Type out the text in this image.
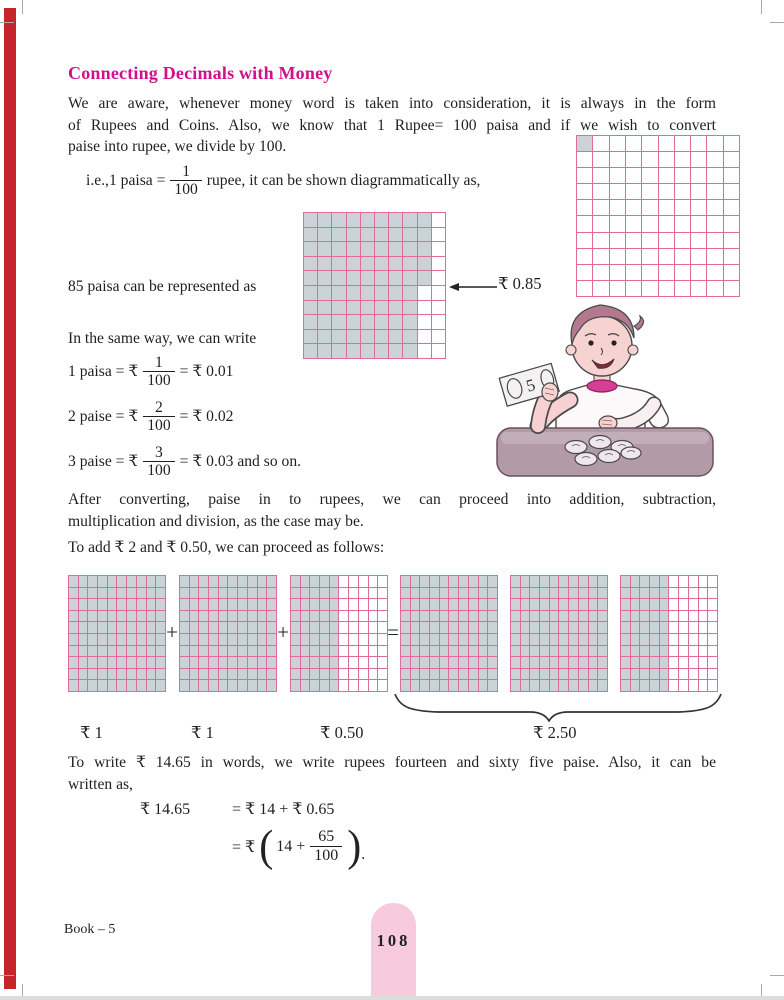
Connecting Decimals with Money
We are aware, whenever money word is taken into consideration, it is always in the form
of Rupees and Coins. Also, we know that 1 Rupee= 100 paisa and if we wish to convert
paise into rupee, we divide by 100.
i.e.,1 paisa = $\frac{1}{100}$ rupee, it can be shown diagrammatically as,
85 paisa can be represented as	₹ 0.85
In the same way, we can write
1 paisa = ₹ $\frac{1}{100}$ = ₹ 0.01
2 paise = ₹ $\frac{2}{100}$ = ₹ 0.02
3 paise = ₹ $\frac{3}{100}$ = ₹ 0.03 and so on.
5
After converting, paise in to rupees, we can proceed into addition, subtraction,
multiplication and division, as the case may be.
To add ₹ 2 and ₹ 0.50, we can proceed as follows:
+	+	=
₹ 1	₹ 1	₹ 0.50	₹ 2.50
To write ₹ 14.65 in words, we write rupees fourteen and sixty five paise. Also, it can be
written as,
₹ 14.65	= ₹ 14 + ₹ 0.65
= ₹ ( $14 + \frac{65}{100}$ ) .
Book – 5
108
